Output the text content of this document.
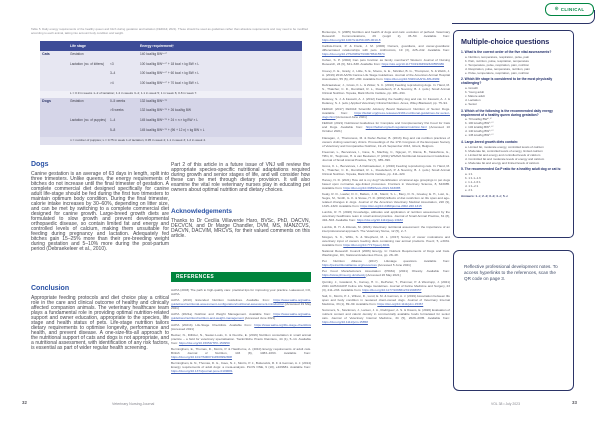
⊕ CLINICAL
Table 5. Daily energy requirements of the healthy queen and bitch during gestation and lactation (FEDIAF, 2021). These should be used as guidelines rather than absolute requirements and may need to be modified according to each animal, taking into account body condition and weight.
Life stage	Energy requirement†
Cats	Gestation	140 kcal/kg BW⁰·⁶⁷
Lactation (no. of kittens)	<3	100 kcal/kg BW⁰·⁶⁷ + 18 kcal × kg BW × L
3–4	100 kcal/kg BW⁰·⁶⁷ + 60 kcal × kg BW × L
>4	100 kcal/kg BW⁰·⁶⁷ + 70 kcal × kg BW × L
L = 0.9 in weeks 1–2 of lactation; 1.2 in weeks 3–4; 1.1 in week 5; 1 in week 6; 0.8 in week 7.
Dogs	Gestation	0–5 weeks	132 kcal/kg BW⁰·⁷⁵
>5 weeks	132 kcal/kg BW⁰·⁷⁵ + 26 kcal/kg BW
Lactation (no. of puppies)	1–4	145 kcal/kg BW⁰·⁷⁵ + 24 × n × kg BW × L
5–8	145 kcal/kg BW⁰·⁷⁵ + (96 + 12 n) × kg BW × L
n = number of puppies; L = 0.75 in week 1 of lactation; 0.95 in week 2; 1.1 in week 3; 1.2 in week 4.
Dogs
Canine gestation is an average of 63 days in length, split into three trimesters. Unlike queens, the energy requirements of bitches do not increase until the final trimester of gestation. A complete commercial diet designed specifically for canine adult life-stage should be fed during the first two trimesters to maintain optimum body condition. During the final trimester, calorie intake increases by 30–60%, depending on litter size, and can be met by switching to a complete commercial diet designed for canine growth. Large-breed growth diets are formulated to slow growth and prevent developmental orthopaedic disease, so contain limited fat and energy and controlled levels of calcium, making them unsuitable for feeding during pregnancy and lactation. Adequately fed bitches gain 15–25% more than their pre-breeding weight during gestation and 5–10% more during the post-partum period (Debraekeleer et al., 2010).
Conclusion
Appropriate feeding protocols and diet choice play a critical role in the care and clinical outcome of healthy and clinically affected companion animals. The veterinary healthcare team plays a fundamental role in providing optimal nutrition-related support and owner education, appropriate to the species, life stage and health status of pets. Life-stage nutrition tailors dietary requirements to optimise longevity, performance and health, and prevent disease. A one-size-fits-all approach to the nutritional support of cats and dogs is not appropriate, and a nutritional assessment, with identification of any risk factors, is essential as part of wider regular health screening.
Part 2 of this article in a future issue of VNJ will review the appropriate species-specific nutritional adaptations required during growth and senior stages of life, and will consider how these can be met through dietary provision. It will also examine the vital role veterinary nurses play in educating pet owners about optimal nutrition and dietary choices.
Acknowledgements
Thanks to Dr Cecilia Villaverde Haro, BVSc, PhD, DACVN, DECVCN, and Dr Marge Chandler, DVM, MS, MANZCVS, DACVN, DACVIM, MRCVS, for their valued comments on this article.
REFERENCES
AAHA (2003) The path to high-quality care: practical tips for improving your practice. Lakewood, CO, AAHA.
AAHA (2010) Extended Nutrition Guidelines. Available from: https://www.aaha.org/aaha-guidelines/nutritional-assessment-configuration/nutritional-assessment-introduction [Accessed 19 May 2021]
AAHA (2021a) Nutrition and Weight Management. Available from: https://www.aaha.org/aaha-guidelines/nutrition/nutrition-and-weight-management [Accessed June 2021]
AAHA (2021b) Life-Stage Checklists. Available from: https://www.aaha.org/life-stage-checklists [Accessed 2021]
Becker, N., Dillitzer, N., Sauter-Louis, C. & Kienzle, E. (2016) Nutrition consultation in small animal practice – a field for veterinary specialisation. Tierärztliche Praxis Kleintiere, 44 (1), 5–14. Available from: https://doi.org/10.15654/TPK-150950
Bermingham, E., Thomas, D., Morris, P. & Hawthorne, A. (2010) Energy requirements of adult cats. British Journal of Nutrition, 103 (8), 1083–1093. Available from: https://doi.org/10.1017/S0007114509992808
Bermingham, E. N., Thomas, D. G., Cave, N. J., Morris, P. J., Butterwick, R. F. & German, A. J. (2014) Energy requirements of adult dogs: a meta-analysis. PLOS ONE, 9 (10), e109681. Available from: https://doi.org/10.1371/journal.pone.0109681
Bontempo, V. (2005) Nutrition and health of dogs and cats: evolution of petfood. Veterinary Research Communications, 29 (suppl 2), 45–50. Available from: https://doi.org/10.1007/s11259-005-0010-8
Carlisle-Frank, P. & Frank, J. M. (2006) Owners, guardians, and owner-guardians: differentiated relationships with pets. Anthrozoös, 19 (3), 225–242. Available from: https://doi.org/10.2752/089279306785415574
Cohen, S. P. (2002) Can pets function as family members? Western Journal of Nursing Research, 24 (6), 621–638. Available from: https://doi.org/10.1177/019394502320555386
Creevy, K. E., Grady, J., Little, S. E., Moore, G. E., Strickler, B. G., Thompson, S. & Webb, J. A. (2019) 2019 AAHA Canine Life Stage Guidelines. Journal of the American Animal Hospital Association, 55 (6), 267–290. Available from: https://doi.org/10.5326/JAAHA-MS-6999
Debraekeleer, J., Gross, K. L. & Zicker, S. C. (2010) Feeding reproducing dogs. In: Hand, M. S., Thatcher, C. D., Remillard, R. L., Roudebush, P. & Novotny, B. J. (eds.) Small Animal Clinical Nutrition. Topeka, Mark Morris Institute, pp. 281–294.
Delaney, S. J. & Fascetti, A. J. (2012) Feeding the healthy dog and cat. In: Fascetti, A. J. & Delaney, S. J. (eds.) Applied Veterinary Clinical Nutrition. Ames, Wiley-Blackwell, pp. 75–94.
FEDIAF (2017) FEDIAF Scientific Advisory Board Statement: Nutrition of Senior Dogs. Available from: https://fediaf.org/press-releases/2184-nutritional-guidelines-for-senior-dogs.html [Accessed June 2021]
FEDIAF (2021) Nutritional Guidelines for Complete and Complementary Pet Food for Cats and Dogs. Available from: https://fediaf.org/self-regulation/nutrition.html [Accessed 10 October 2021]
Flanagan, J., Thamsness, M. & Kiefer-Hecker, B. (2013) Dog and cat nutrition practices of owners visiting veterinary clinics. Proceedings of the 17th Congress of the European Society of Veterinary and Comparative Nutrition, 19–21 September 2013, Ghent, Belgium.
Freeman, L., Becvarova, I., Cave, N., MacKay, C., Nguyen, P., Rama, B., Takashima, G., Tiffin, R., Tsujimoto, H. & van Beukelen, P. (2011) WSAVA Nutritional Assessment Guidelines. Journal of Small Animal Practice, 52 (7), 385–396.
Gross, K. L., Becvarova, I. & Debraekeleer, J. (2010) Feeding reproducing cats. In: Hand, M. S., Thatcher, C. D., Remillard, R. L., Roudebush, P. & Novotny, B. J. (eds.) Small Animal Clinical Nutrition. Topeka, Mark Morris Institute, pp. 411–420.
Harvey, N. D. (2021) How old is my dog? Identification of rational age groupings in pet dogs based upon normative age-linked processes. Frontiers in Veterinary Science, 8, 643085. Available from: https://doi.org/10.3389/fvets.2021.643085
Kealy, R. D., Lawler, D. F., Ballam, J. M., Mantz, S. L., Biery, D. N., Greeley, E. H., Lust, G., Segre, M., Smith, G. K. & Stowe, H. D. (2002) Effects of diet restriction on life span and age-related changes in dogs. Journal of the American Veterinary Medical Association, 220 (9), 1315–1320. Available from: https://doi.org/10.2460/javma.2002.220.1315
Lumbis, R. H. (2020) Knowledge, attitudes and application of nutrition assessment by the veterinary healthcare team in small animal practice. Journal of Small Animal Practice, 61 (8), 494–503. Available from: https://doi.org/10.1111/jsap.13182
Lumbis, R. H. & Zdunek, M. (2021) Veterinary nutritional assessment: the importance of an interprofessional approach. The Veterinary Nurse, 12 (5), 2–7.
Morgan, S. K., Willis, S. & Shepherd, M. L. (2017) Survey of owner motivations and veterinary input of owners feeding diets containing raw animal products. PeerJ, 5, e3031. Available from: https://doi.org/10.7717/peerj.3031
National Research Council (2006) Energy. In: Nutrient Requirements of Dogs and Cats. Washington, DC, National Academies Press, pp. 28–48.
Pet Nutrition Alliance (2017) Lifestage questions. Available from: https://petnutritionalliance.org/resources [Accessed 5 June 2021]
Pet Food Manufacturers Association (PFMA) (2021) Obesity. Available from: https://www.pfma.org.uk/obesity [Accessed 26 May 2021]
Quimby, J., Gowland, S., Carney, H. C., DePorter, T., Plummer, P. & Westropp, J. (2021) 2021 AAHA/AAFP Feline Life Stage Guidelines. Journal of Feline Medicine and Surgery, 23 (3), 211–233. Available from: https://doi.org/10.1177/1098612X21993657
Salt, C., Morris, P. J., Wilson, D., Lund, E. M. & German, A. J. (2019) Association between life span and body condition in neutered client-owned dogs. Journal of Veterinary Internal Medicine, 33 (1), 89–99. Available from: https://doi.org/10.1111/jvim.15367
Summers, S., Stockman, J., Larsen, J. A., Rodriguez, A. S. & Owens, E. (2020) Evaluation of nutrient content and caloric density in commercially available foods formulated for senior cats. Journal of Veterinary Internal Medicine, 34 (5), 2029–2035. Available from: https://doi.org/10.1111/jvim.15858
Multiple-choice questions
1. What is the correct order of the five vital assessments?
a. Nutrition, temperature, respiration, pulse, pain
b. Pain, nutrition, pulse, respiration, temperature
c. Temperature, pulse, respiration, pain, nutrition
d. Respiration, pulse, temperature, nutrition, pain
e. Pulse, temperature, respiration, pain, nutrition
2. Which life stage is considered to be the most physically challenging?
a. Growth
b. Young adult
c. Mature adult
d. Lactation
e. Senior
3. Which of the following is the recommended daily energy requirement of a healthy queen during gestation?
a. 70 kcal/kg BW⁰·⁶⁷
b. 100 kcal/kg BW⁰·⁶⁷
c. 132 kcal/kg BW⁰·⁶⁷
d. 140 kcal/kg BW⁰·⁶⁷
e. 145 kcal/kg BW⁰·⁶⁷
4. Large-breed growth diets contain:
a. Limited fat, moderate energy, controlled levels of calcium
b. Moderate fat, controlled levels of energy, limited calcium
c. Limited fat and energy and controlled levels of calcium
d. Controlled fat and moderate levels of energy and calcium
e. Moderate fat and energy and limited levels of calcium
5. The recommended Ca:P ratio for a healthy adult dog or cat is:
a. 1:1
b. 1:1.1–1.6
c. 1.1–1.6:1
d. 1:1–2:1
e. 2:1
Answers: 1. c; 2. d; 3. d; 4. c; 5. c
Reflective professional development notes. To access hyperlinks to the references, scan the QR code on page 3.
32	Veterinary Nursing Journal	VOL 38 • July 2023	33
